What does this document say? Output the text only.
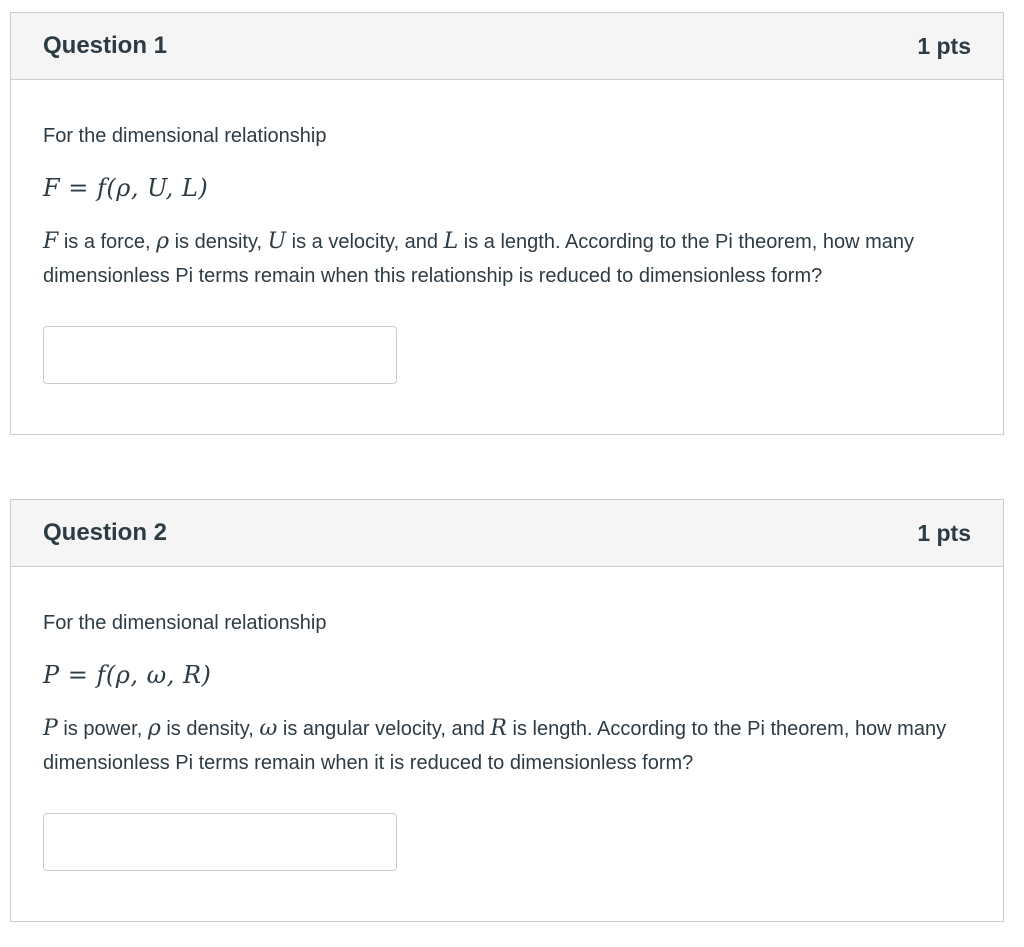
Question 1	1 pts
For the dimensional relationship
F = f(ρ, U, L)
F is a force, ρ is density, U is a velocity, and L is a length. According to the Pi theorem, how many dimensionless Pi terms remain when this relationship is reduced to dimensionless form?
Question 2	1 pts
For the dimensional relationship
P = f(ρ, ω, R)
P is power, ρ is density, ω is angular velocity, and R is length. According to the Pi theorem, how many dimensionless Pi terms remain when it is reduced to dimensionless form?
